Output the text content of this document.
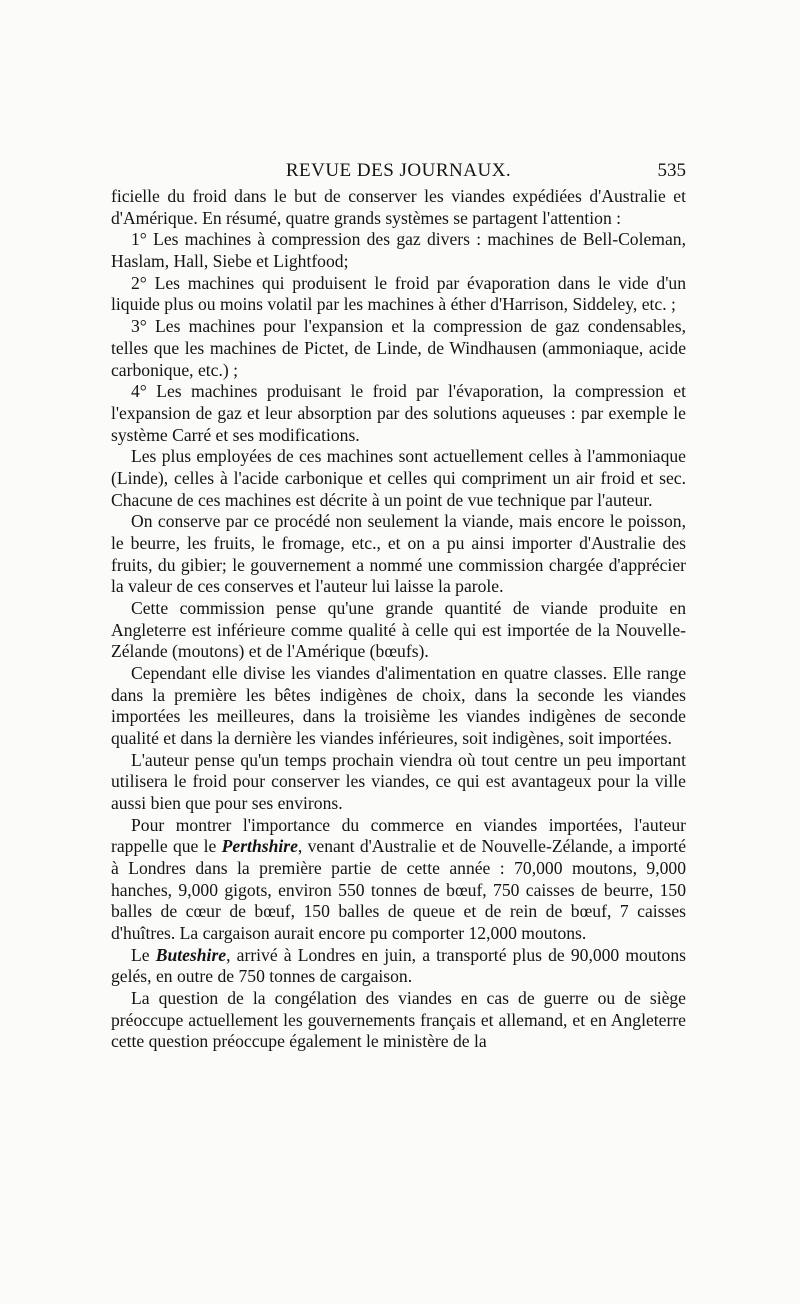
REVUE DES JOURNAUX.	535

ficielle du froid dans le but de conserver les viandes expédiées d'Australie et d'Amérique. En résumé, quatre grands systèmes se partagent l'attention :

1° Les machines à compression des gaz divers : machines de Bell-Coleman, Haslam, Hall, Siebe et Lightfood;

2° Les machines qui produisent le froid par évaporation dans le vide d'un liquide plus ou moins volatil par les machines à éther d'Harrison, Siddeley, etc. ;

3° Les machines pour l'expansion et la compression de gaz condensables, telles que les machines de Pictet, de Linde, de Windhausen (ammoniaque, acide carbonique, etc.) ;

4° Les machines produisant le froid par l'évaporation, la compression et l'expansion de gaz et leur absorption par des solutions aqueuses : par exemple le système Carré et ses modifications.

Les plus employées de ces machines sont actuellement celles à l'ammoniaque (Linde), celles à l'acide carbonique et celles qui compriment un air froid et sec. Chacune de ces machines est décrite à un point de vue technique par l'auteur.

On conserve par ce procédé non seulement la viande, mais encore le poisson, le beurre, les fruits, le fromage, etc., et on a pu ainsi importer d'Australie des fruits, du gibier; le gouvernement a nommé une commission chargée d'apprécier la valeur de ces conserves et l'auteur lui laisse la parole.

Cette commission pense qu'une grande quantité de viande produite en Angleterre est inférieure comme qualité à celle qui est importée de la Nouvelle-Zélande (moutons) et de l'Amérique (bœufs).

Cependant elle divise les viandes d'alimentation en quatre classes. Elle range dans la première les bêtes indigènes de choix, dans la seconde les viandes importées les meilleures, dans la troisième les viandes indigènes de seconde qualité et dans la dernière les viandes inférieures, soit indigènes, soit importées.

L'auteur pense qu'un temps prochain viendra où tout centre un peu important utilisera le froid pour conserver les viandes, ce qui est avantageux pour la ville aussi bien que pour ses environs.

Pour montrer l'importance du commerce en viandes importées, l'auteur rappelle que le Perthshire, venant d'Australie et de Nouvelle-Zélande, a importé à Londres dans la première partie de cette année : 70,000 moutons, 9,000 hanches, 9,000 gigots, environ 550 tonnes de bœuf, 750 caisses de beurre, 150 balles de cœur de bœuf, 150 balles de queue et de rein de bœuf, 7 caisses d'huîtres. La cargaison aurait encore pu comporter 12,000 moutons.

Le Buteshire, arrivé à Londres en juin, a transporté plus de 90,000 moutons gelés, en outre de 750 tonnes de cargaison.

La question de la congélation des viandes en cas de guerre ou de siège préoccupe actuellement les gouvernements français et allemand, et en Angleterre cette question préoccupe également le ministère de la
